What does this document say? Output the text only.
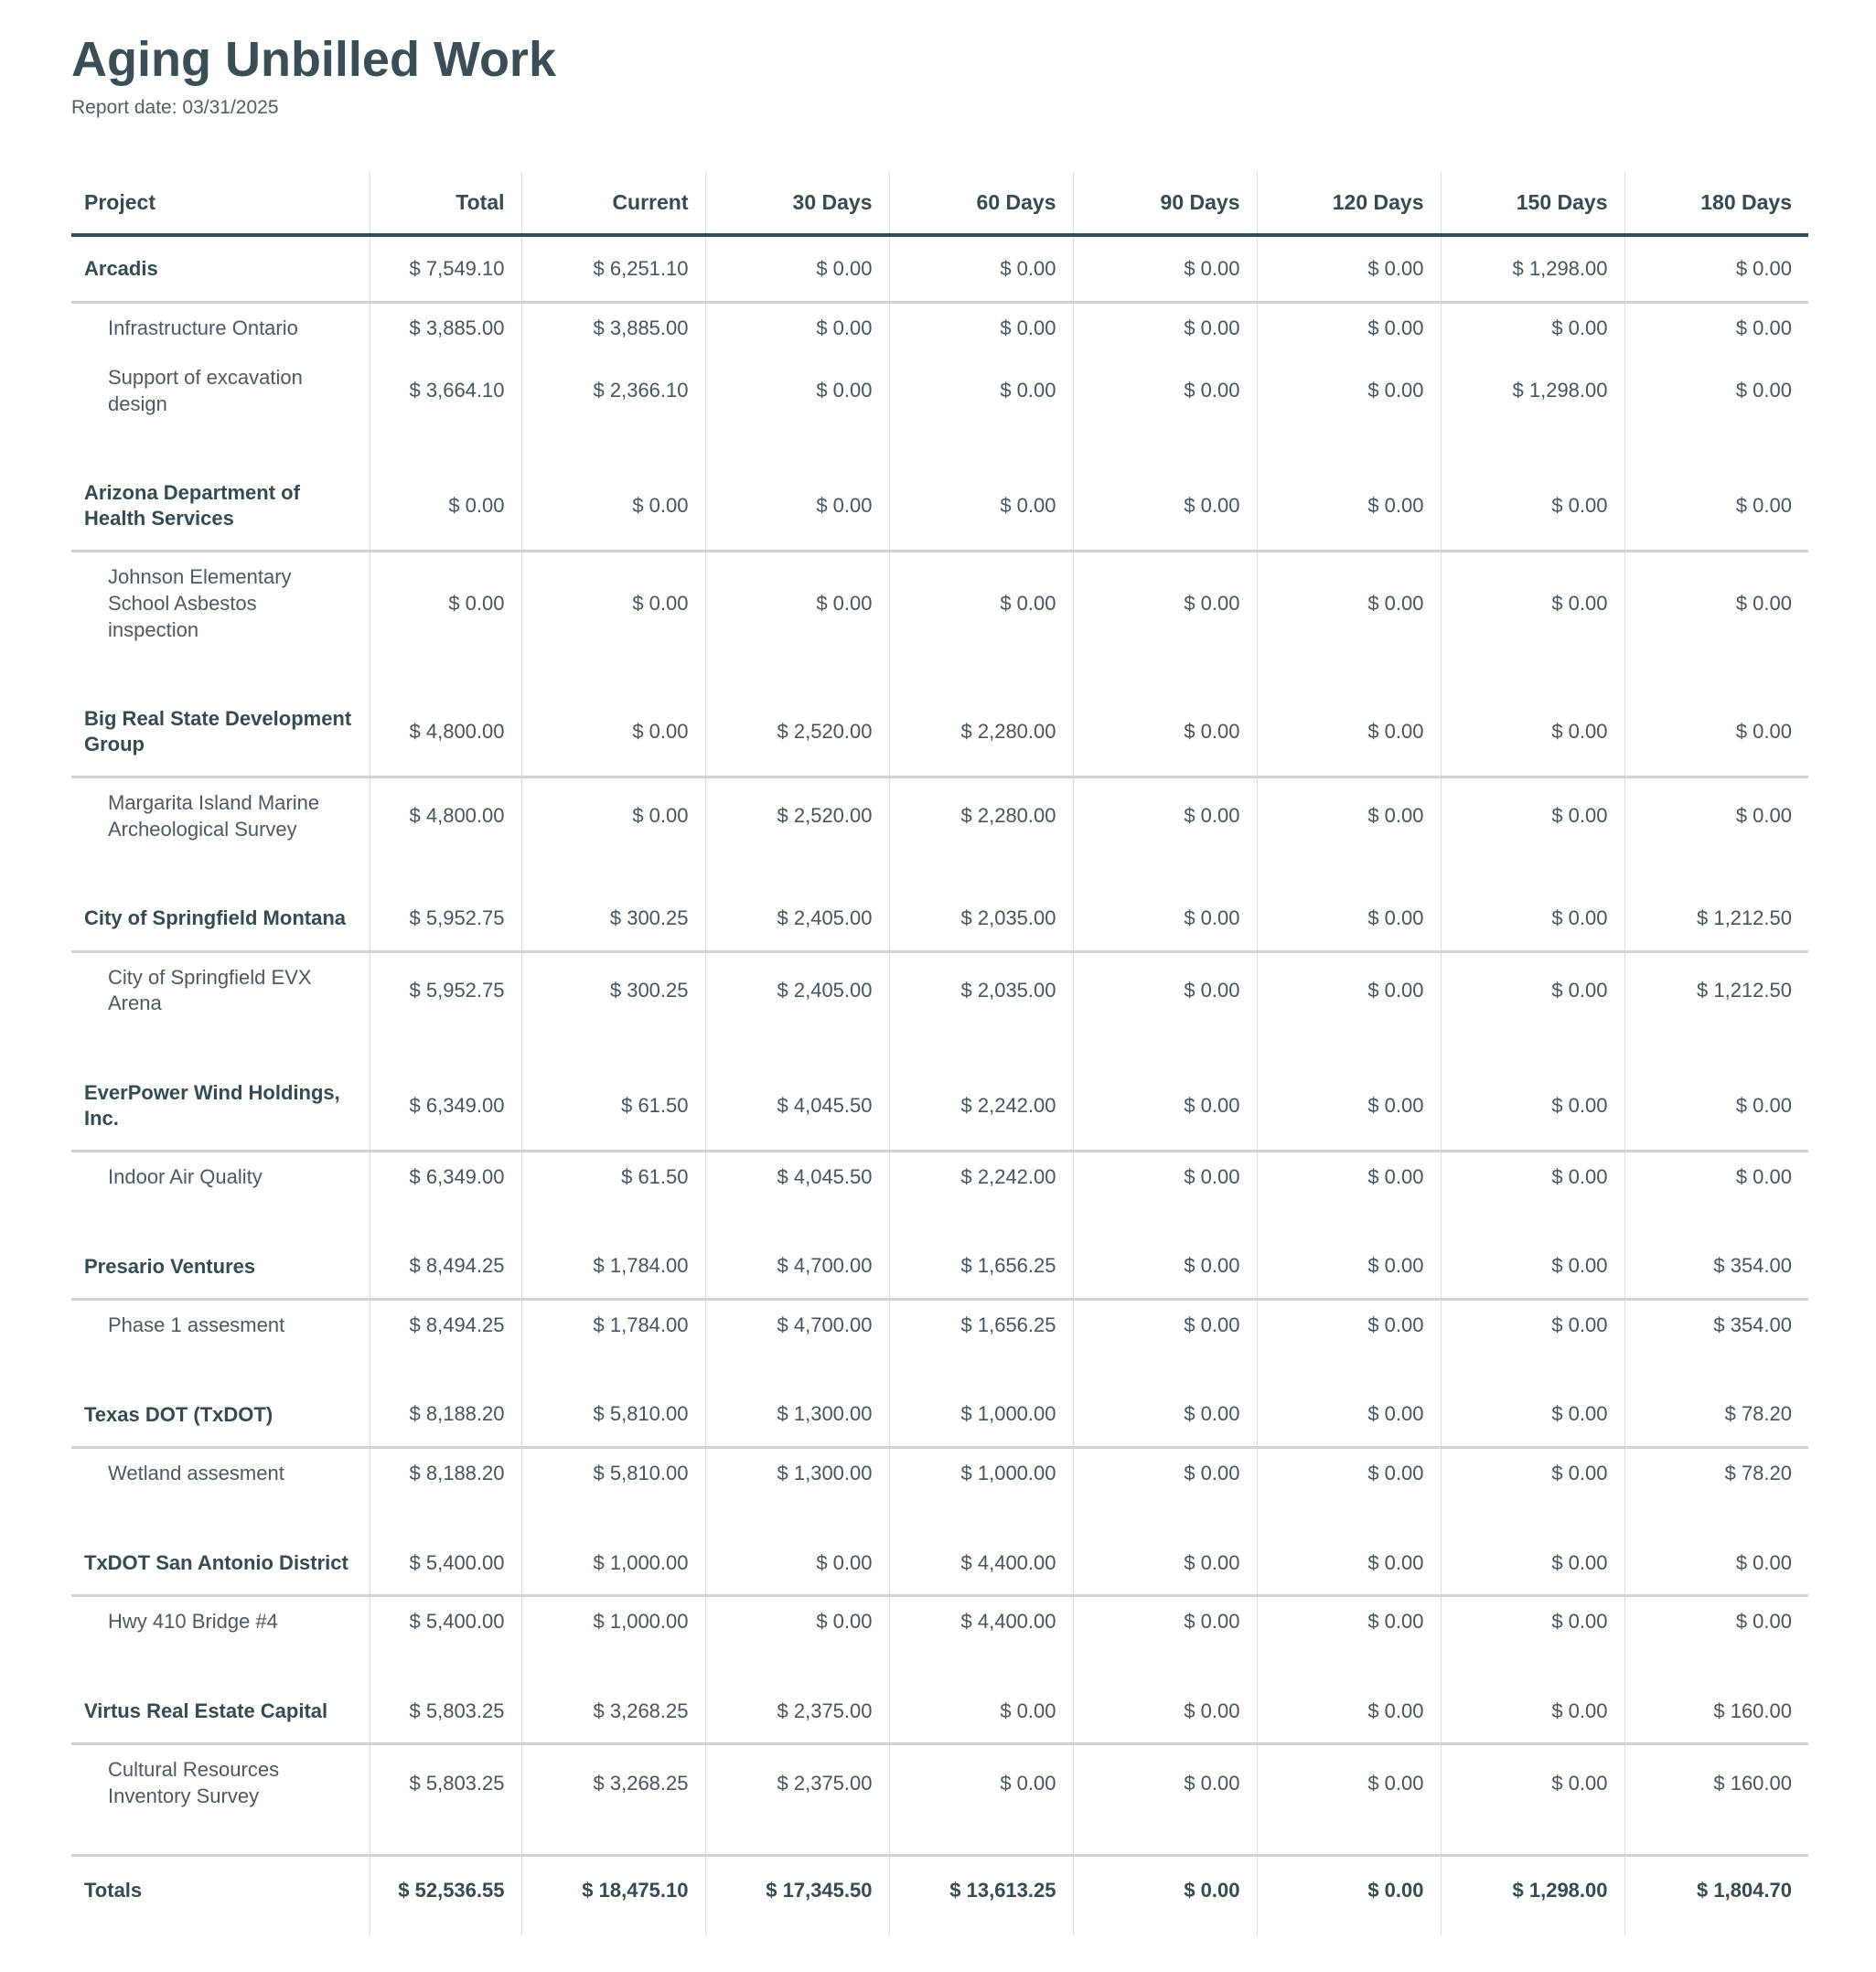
Aging Unbilled Work
Report date: 03/31/2025
Project	Total	Current	30 Days	60 Days	90 Days	120 Days	150 Days	180 Days
Arcadis	$ 7,549.10	$ 6,251.10	$ 0.00	$ 0.00	$ 0.00	$ 0.00	$ 1,298.00	$ 0.00
Infrastructure Ontario	$ 3,885.00	$ 3,885.00	$ 0.00	$ 0.00	$ 0.00	$ 0.00	$ 0.00	$ 0.00
Support of excavation design	$ 3,664.10	$ 2,366.10	$ 0.00	$ 0.00	$ 0.00	$ 0.00	$ 1,298.00	$ 0.00
Arizona Department of Health Services	$ 0.00	$ 0.00	$ 0.00	$ 0.00	$ 0.00	$ 0.00	$ 0.00	$ 0.00
Johnson Elementary School Asbestos inspection	$ 0.00	$ 0.00	$ 0.00	$ 0.00	$ 0.00	$ 0.00	$ 0.00	$ 0.00
Big Real State Development Group	$ 4,800.00	$ 0.00	$ 2,520.00	$ 2,280.00	$ 0.00	$ 0.00	$ 0.00	$ 0.00
Margarita Island Marine Archeological Survey	$ 4,800.00	$ 0.00	$ 2,520.00	$ 2,280.00	$ 0.00	$ 0.00	$ 0.00	$ 0.00
City of Springfield Montana	$ 5,952.75	$ 300.25	$ 2,405.00	$ 2,035.00	$ 0.00	$ 0.00	$ 0.00	$ 1,212.50
City of Springfield EVX Arena	$ 5,952.75	$ 300.25	$ 2,405.00	$ 2,035.00	$ 0.00	$ 0.00	$ 0.00	$ 1,212.50
EverPower Wind Holdings, Inc.	$ 6,349.00	$ 61.50	$ 4,045.50	$ 2,242.00	$ 0.00	$ 0.00	$ 0.00	$ 0.00
Indoor Air Quality	$ 6,349.00	$ 61.50	$ 4,045.50	$ 2,242.00	$ 0.00	$ 0.00	$ 0.00	$ 0.00
Presario Ventures	$ 8,494.25	$ 1,784.00	$ 4,700.00	$ 1,656.25	$ 0.00	$ 0.00	$ 0.00	$ 354.00
Phase 1 assesment	$ 8,494.25	$ 1,784.00	$ 4,700.00	$ 1,656.25	$ 0.00	$ 0.00	$ 0.00	$ 354.00
Texas DOT (TxDOT)	$ 8,188.20	$ 5,810.00	$ 1,300.00	$ 1,000.00	$ 0.00	$ 0.00	$ 0.00	$ 78.20
Wetland assesment	$ 8,188.20	$ 5,810.00	$ 1,300.00	$ 1,000.00	$ 0.00	$ 0.00	$ 0.00	$ 78.20
TxDOT San Antonio District	$ 5,400.00	$ 1,000.00	$ 0.00	$ 4,400.00	$ 0.00	$ 0.00	$ 0.00	$ 0.00
Hwy 410 Bridge #4	$ 5,400.00	$ 1,000.00	$ 0.00	$ 4,400.00	$ 0.00	$ 0.00	$ 0.00	$ 0.00
Virtus Real Estate Capital	$ 5,803.25	$ 3,268.25	$ 2,375.00	$ 0.00	$ 0.00	$ 0.00	$ 0.00	$ 160.00
Cultural Resources Inventory Survey	$ 5,803.25	$ 3,268.25	$ 2,375.00	$ 0.00	$ 0.00	$ 0.00	$ 0.00	$ 160.00
Totals	$ 52,536.55	$ 18,475.10	$ 17,345.50	$ 13,613.25	$ 0.00	$ 0.00	$ 1,298.00	$ 1,804.70
